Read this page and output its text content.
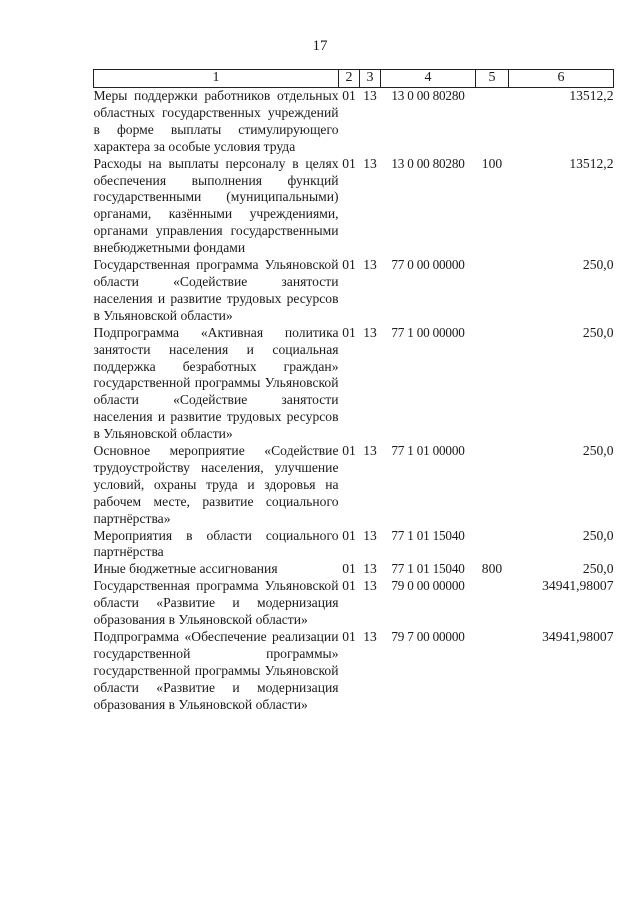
17
1	2	3	4	5	6
Меры поддержки работников отдельных областных государственных учреждений в форме выплаты стимулирующего характера за особые условия труда	01	13	13 0 00 80280		13512,2
Расходы на выплаты персоналу в целях обеспечения выполнения функций государственными (муниципальными) органами, казёнными учреждениями, органами управления государственными внебюджетными фондами	01	13	13 0 00 80280	100	13512,2
Государственная программа Ульяновской области «Содействие занятости населения и развитие трудовых ресурсов в Ульяновской области»	01	13	77 0 00 00000		250,0
Подпрограмма «Активная политика занятости населения и социальная поддержка безработных граждан» государственной программы Ульяновской области «Содействие занятости населения и развитие трудовых ресурсов в Ульяновской области»	01	13	77 1 00 00000		250,0
Основное мероприятие «Содействие трудоустройству населения, улучшение условий, охраны труда и здоровья на рабочем месте, развитие социального партнёрства»	01	13	77 1 01 00000		250,0
Мероприятия в области социального партнёрства	01	13	77 1 01 15040		250,0
Иные бюджетные ассигнования	01	13	77 1 01 15040	800	250,0
Государственная программа Ульяновской области «Развитие и модернизация образования в Ульяновской области»	01	13	79 0 00 00000		34941,98007
Подпрограмма «Обеспечение реализации государственной программы» государственной программы Ульяновской области «Развитие и модернизация образования в Ульяновской области»	01	13	79 7 00 00000		34941,98007
